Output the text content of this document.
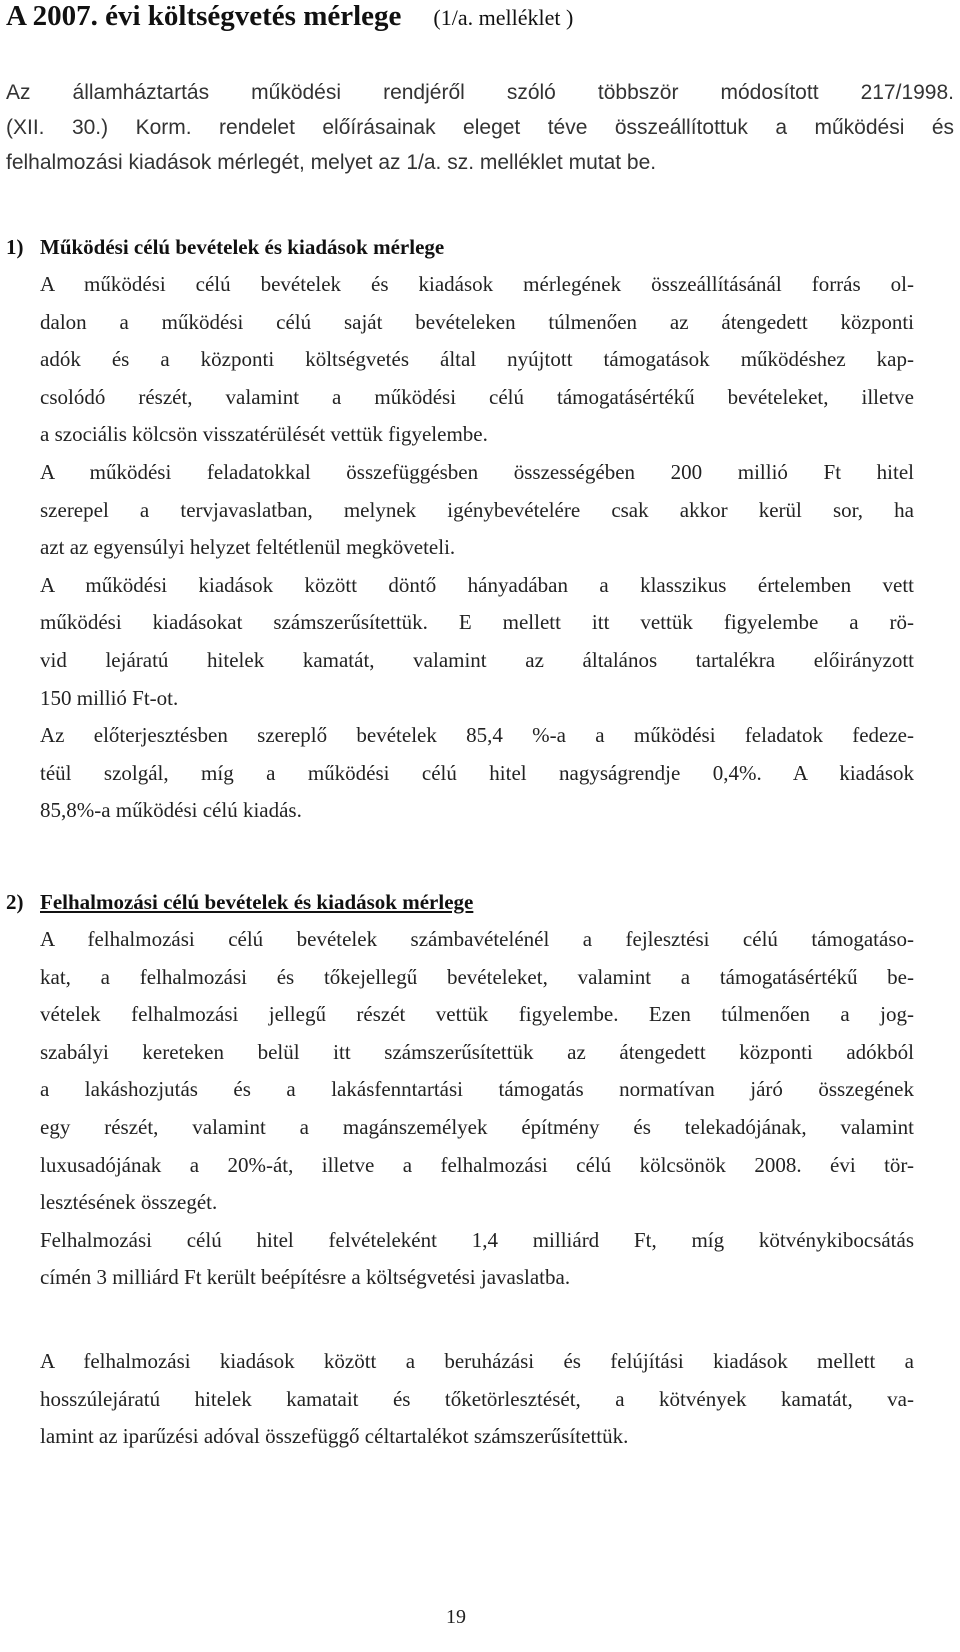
A 2007. évi költségvetés mérlege (1/a. melléklet )
Az államháztartás működési rendjéről szóló többször módosított 217/1998.
(XII. 30.) Korm. rendelet előírásainak eleget téve összeállítottuk a működési és
felhalmozási kiadások mérlegét, melyet az 1/a. sz. melléklet mutat be.
1) Működési célú bevételek és kiadások mérlege
A működési célú bevételek és kiadások mérlegének összeállításánál forrás ol-
dalon a működési célú saját bevételeken túlmenően az átengedett központi
adók és a központi költségvetés által nyújtott támogatások működéshez kap-
csolódó részét, valamint a működési célú támogatásértékű bevételeket, illetve
a szociális kölcsön visszatérülését vettük figyelembe.
A működési feladatokkal összefüggésben összességében 200 millió Ft hitel
szerepel a tervjavaslatban, melynek igénybevételére csak akkor kerül sor, ha
azt az egyensúlyi helyzet feltétlenül megköveteli.
A működési kiadások között döntő hányadában a klasszikus értelemben vett
működési kiadásokat számszerűsítettük. E mellett itt vettük figyelembe a rö-
vid lejáratú hitelek kamatát, valamint az általános tartalékra előirányzott
150 millió Ft-ot.
Az előterjesztésben szereplő bevételek 85,4 %-a a működési feladatok fedeze-
téül szolgál, míg a működési célú hitel nagyságrendje 0,4%. A kiadások
85,8%-a működési célú kiadás.
2) Felhalmozási célú bevételek és kiadások mérlege
A felhalmozási célú bevételek számbavételénél a fejlesztési célú támogatáso-
kat, a felhalmozási és tőkejellegű bevételeket, valamint a támogatásértékű be-
vételek felhalmozási jellegű részét vettük figyelembe. Ezen túlmenően a jog-
szabályi kereteken belül itt számszerűsítettük az átengedett központi adókból
a lakáshozjutás és a lakásfenntartási támogatás normatívan járó összegének
egy részét, valamint a magánszemélyek építmény és telekadójának, valamint
luxusadójának a 20%-át, illetve a felhalmozási célú kölcsönök 2008. évi tör-
lesztésének összegét.
Felhalmozási célú hitel felvételeként 1,4 milliárd Ft, míg kötvénykibocsátás
címén 3 milliárd Ft került beépítésre a költségvetési javaslatba.
A felhalmozási kiadások között a beruházási és felújítási kiadások mellett a
hosszúlejáratú hitelek kamatait és tőketörlesztését, a kötvények kamatát, va-
lamint az iparűzési adóval összefüggő céltartalékot számszerűsítettük.
19
